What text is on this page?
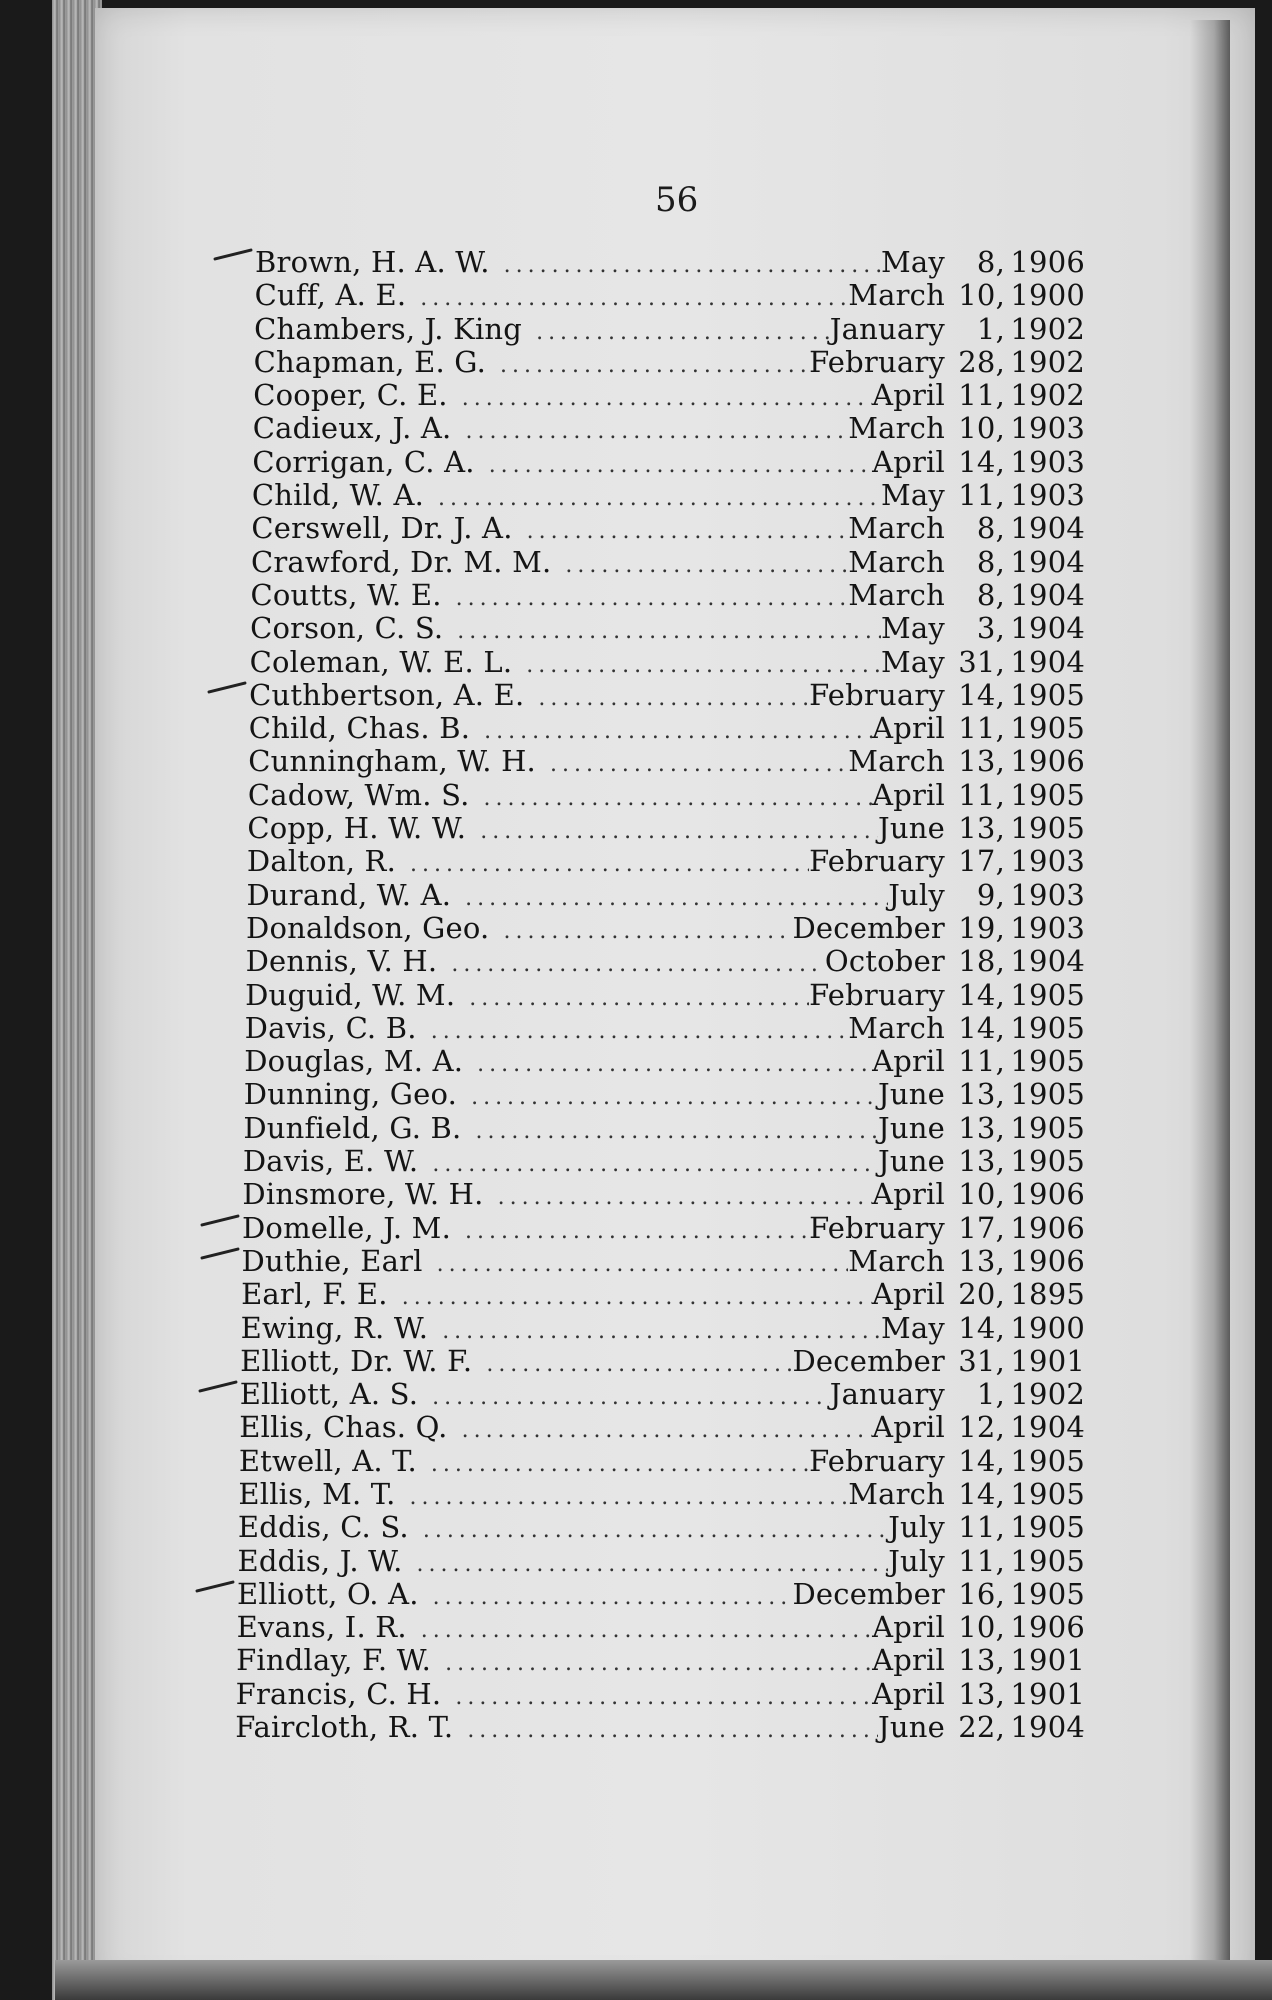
56
Brown, H. A. W. . . .	May	8, 1906
Cuff, A. E. . . .	March 10, 1900
Chambers, J. King . . .	January	1, 1902
Chapman, E. G. . . .	February 28, 1902
Cooper, C. E. . . .	April 11, 1902
Cadieux, J. A. . . .	March 10, 1903
Corrigan, C. A. . . .	April 14, 1903
Child, W. A. . . .	May 11, 1903
Cerswell, Dr. J. A. . . .	March	8, 1904
Crawford, Dr. M. M. . . .	March	8, 1904
Coutts, W. E. . . .	March	8, 1904
Corson, C. S. . . .	May	3, 1904
Coleman, W. E. L. . . .	May 31, 1904
Cuthbertson, A. E. . . .	February 14, 1905
Child, Chas. B. . . .	April 11, 1905
Cunningham, W. H. . . .	March 13, 1906
Cadow, Wm. S. . . .	April 11, 1905
Copp, H. W. W. . . .	June 13, 1905
Dalton, R. . . .	February 17, 1903
Durand, W. A. . . .	July	9, 1903
Donaldson, Geo. . . .	December 19, 1903
Dennis, V. H. . . .	October 18, 1904
Duguid, W. M. . . .	February 14, 1905
Davis, C. B. . . .	March 14, 1905
Douglas, M. A. . . .	April 11, 1905
Dunning, Geo. . . .	June 13, 1905
Dunfield, G. B. . . .	June 13, 1905
Davis, E. W. . . .	June 13, 1905
Dinsmore, W. H. . . .	April 10, 1906
Domelle, J. M. . . .	February 17, 1906
Duthie, Earl . . .	March 13, 1906
Earl, F. E. . . .	April 20, 1895
Ewing, R. W. . . .	May 14, 1900
Elliott, Dr. W. F. . . .	December 31, 1901
Elliott, A. S. . . .	January	1, 1902
Ellis, Chas. Q. . . .	April 12, 1904
Etwell, A. T. . . .	February 14, 1905
Ellis, M. T. . . .	March 14, 1905
Eddis, C. S. . . .	July 11, 1905
Eddis, J. W. . . .	July 11, 1905
Elliott, O. A. . . .	December 16, 1905
Evans, I. R. . . .	April 10, 1906
Findlay, F. W. . . .	April 13, 1901
Francis, C. H. . . .	April 13, 1901
Faircloth, R. T. . . .	June 22, 1904
